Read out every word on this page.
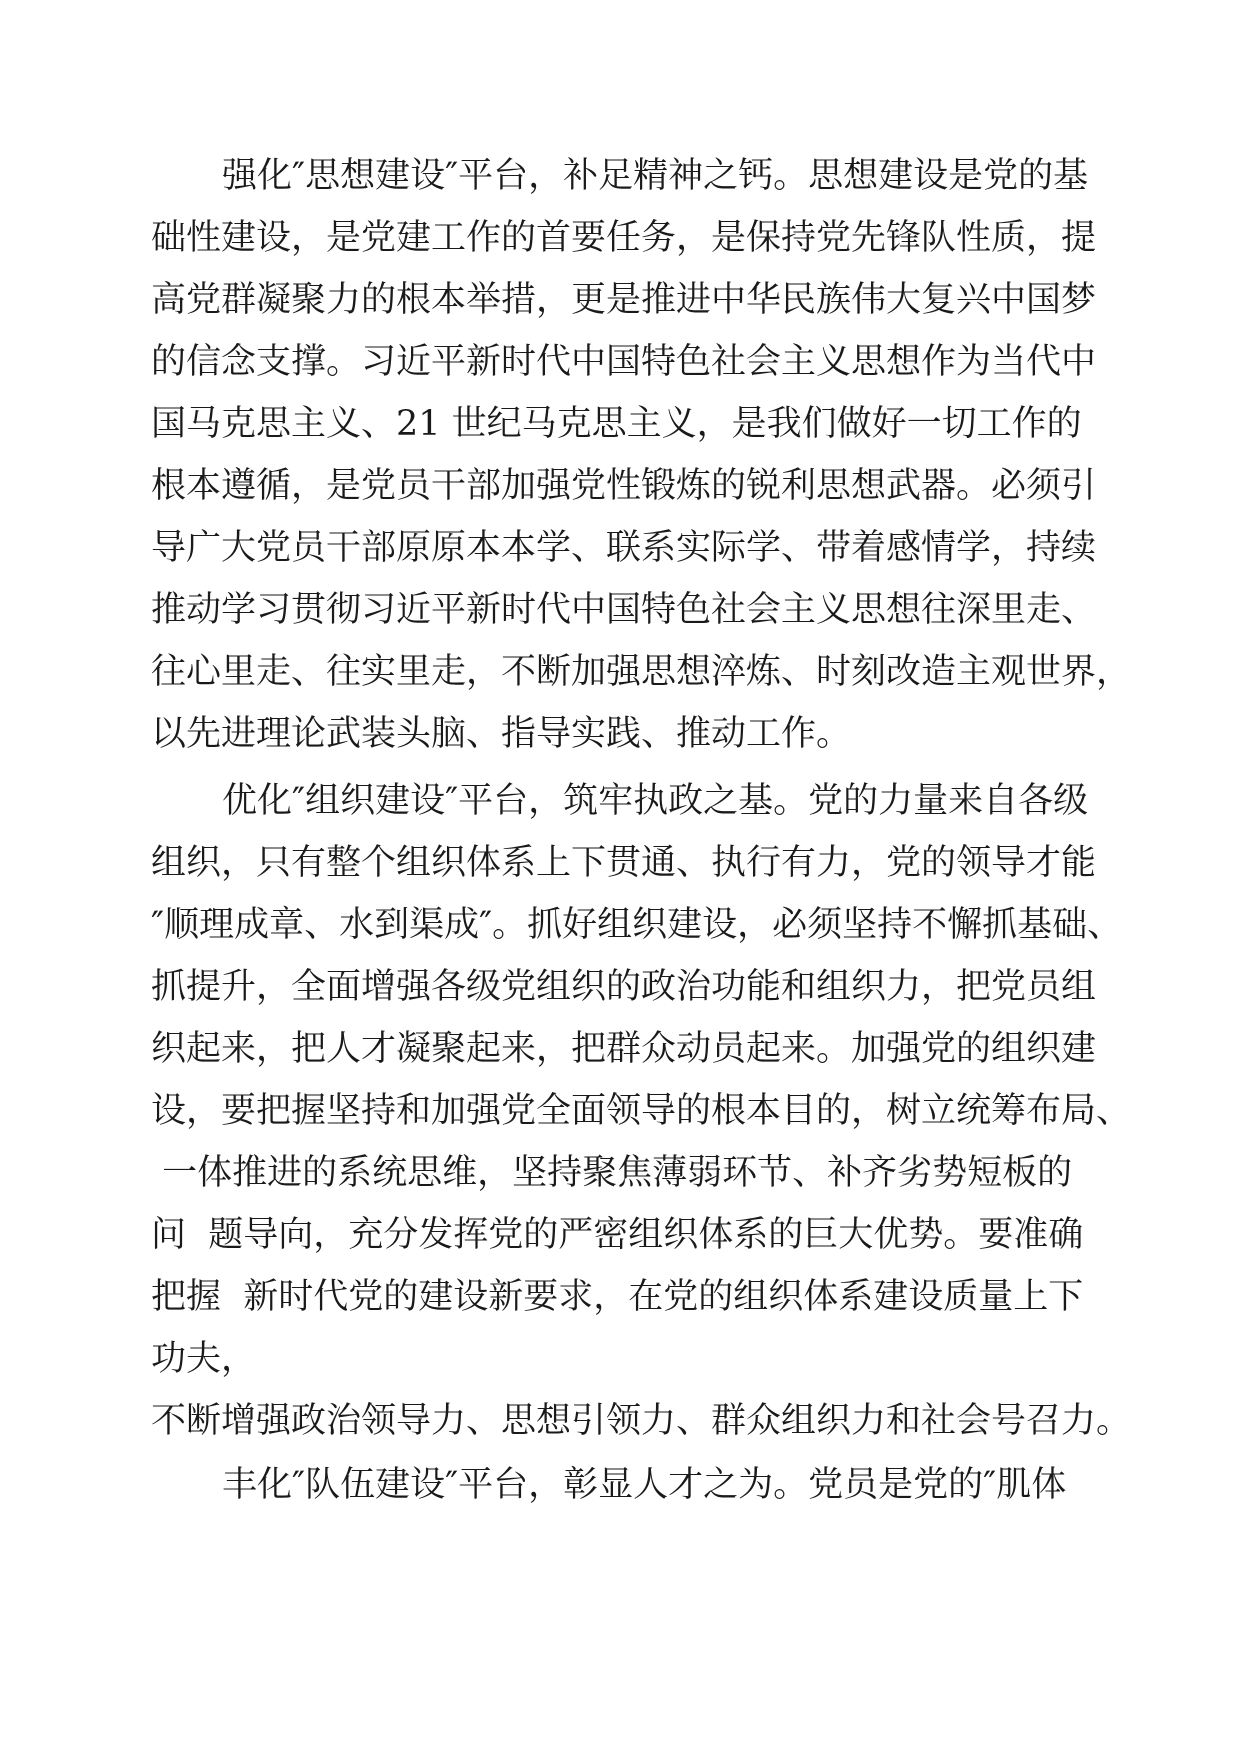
强化″思想建设″平台，补足精神之钙。思想建设是党的基
础性建设，是党建工作的首要任务，是保持党先锋队性质，提
高党群凝聚力的根本举措，更是推进中华民族伟大复兴中国梦
的信念支撑。习近平新时代中国特色社会主义思想作为当代中
国马克思主义、21 世纪马克思主义，是我们做好一切工作的
根本遵循，是党员干部加强党性锻炼的锐利思想武器。必须引
导广大党员干部原原本本学、联系实际学、带着感情学，持续
推动学习贯彻习近平新时代中国特色社会主义思想往深里走、
往心里走、往实里走，不断加强思想淬炼、时刻改造主观世界，
以先进理论武装头脑、指导实践、推动工作。
优化″组织建设″平台，筑牢执政之基。党的力量来自各级
组织，只有整个组织体系上下贯通、执行有力，党的领导才能
″顺理成章、水到渠成″。抓好组织建设，必须坚持不懈抓基础、
抓提升，全面增强各级党组织的政治功能和组织力，把党员组
织起来，把人才凝聚起来，把群众动员起来。加强党的组织建
设，要把握坚持和加强党全面领导的根本目的，树立统筹布局、
一体推进的系统思维，坚持聚焦薄弱环节、补齐劣势短板的
问  题导向，充分发挥党的严密组织体系的巨大优势。要准确
把握  新时代党的建设新要求，在党的组织体系建设质量上下
功夫，
不断增强政治领导力、思想引领力、群众组织力和社会号召力。
丰化″队伍建设″平台，彰显人才之为。党员是党的″肌体
